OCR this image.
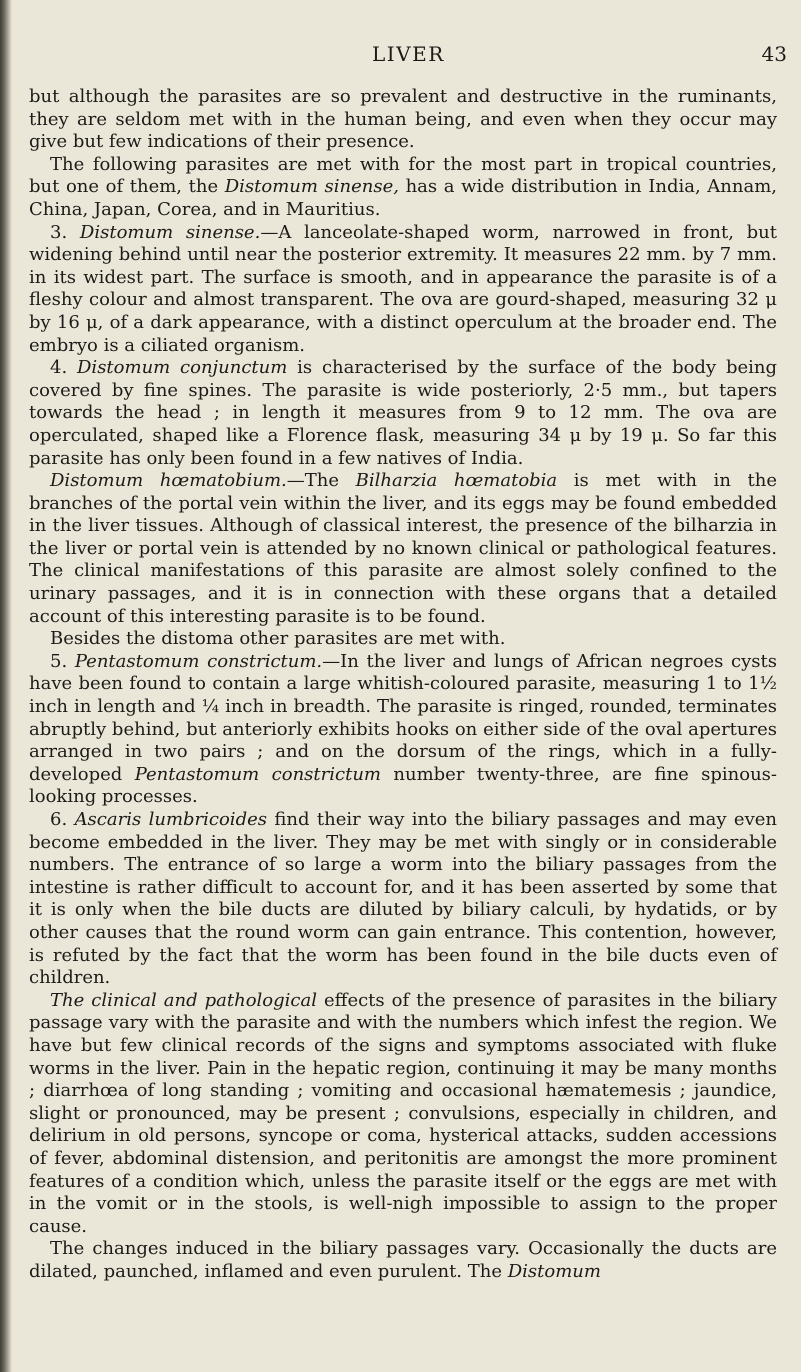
LIVER	43

but although the parasites are so prevalent and destructive in the ruminants, they are seldom met with in the human being, and even when they occur may give but few indications of their presence.

The following parasites are met with for the most part in tropical countries, but one of them, the Distomum sinense, has a wide distribution in India, Annam, China, Japan, Corea, and in Mauritius.

3. Distomum sinense.—A lanceolate-shaped worm, narrowed in front, but widening behind until near the posterior extremity. It measures 22 mm. by 7 mm. in its widest part. The surface is smooth, and in appearance the parasite is of a fleshy colour and almost transparent. The ova are gourd-shaped, measuring 32 μ by 16 μ, of a dark appearance, with a distinct operculum at the broader end. The embryo is a ciliated organism.

4. Distomum conjunctum is characterised by the surface of the body being covered by fine spines. The parasite is wide posteriorly, 2·5 mm., but tapers towards the head ; in length it measures from 9 to 12 mm. The ova are operculated, shaped like a Florence flask, measuring 34 μ by 19 μ. So far this parasite has only been found in a few natives of India.

Distomum hœmatobium.—The Bilharzia hœmatobia is met with in the branches of the portal vein within the liver, and its eggs may be found embedded in the liver tissues. Although of classical interest, the presence of the bilharzia in the liver or portal vein is attended by no known clinical or pathological features. The clinical manifestations of this parasite are almost solely confined to the urinary passages, and it is in connection with these organs that a detailed account of this interesting parasite is to be found.

Besides the distoma other parasites are met with.

5. Pentastomum constrictum.—In the liver and lungs of African negroes cysts have been found to contain a large whitish-coloured parasite, measuring 1 to 1½ inch in length and ¼ inch in breadth. The parasite is ringed, rounded, terminates abruptly behind, but anteriorly exhibits hooks on either side of the oval apertures arranged in two pairs ; and on the dorsum of the rings, which in a fully-developed Pentastomum constrictum number twenty-three, are fine spinous-looking processes.

6. Ascaris lumbricoides find their way into the biliary passages and may even become embedded in the liver. They may be met with singly or in considerable numbers. The entrance of so large a worm into the biliary passages from the intestine is rather difficult to account for, and it has been asserted by some that it is only when the bile ducts are diluted by biliary calculi, by hydatids, or by other causes that the round worm can gain entrance. This contention, however, is refuted by the fact that the worm has been found in the bile ducts even of children.

The clinical and pathological effects of the presence of parasites in the biliary passage vary with the parasite and with the numbers which infest the region. We have but few clinical records of the signs and symptoms associated with fluke worms in the liver. Pain in the hepatic region, continuing it may be many months ; diarrhœa of long standing ; vomiting and occasional hæmatemesis ; jaundice, slight or pronounced, may be present ; convulsions, especially in children, and delirium in old persons, syncope or coma, hysterical attacks, sudden accessions of fever, abdominal distension, and peritonitis are amongst the more prominent features of a condition which, unless the parasite itself or the eggs are met with in the vomit or in the stools, is well-nigh impossible to assign to the proper cause.

The changes induced in the biliary passages vary. Occasionally the ducts are dilated, paunched, inflamed and even purulent. The Distomum
